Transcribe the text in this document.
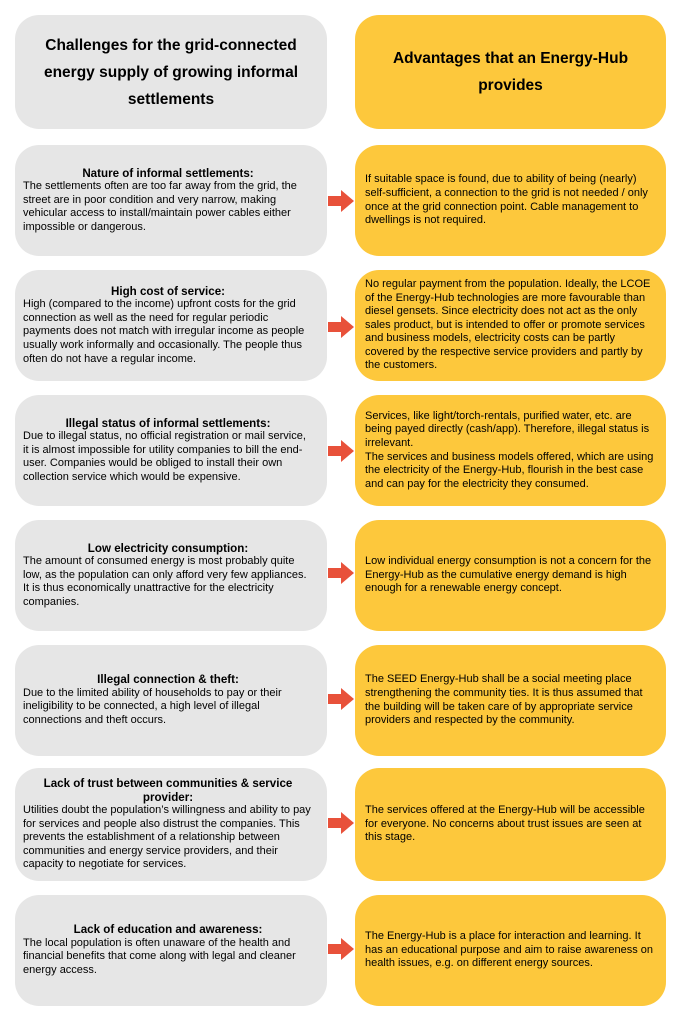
Challenges for the grid-connected energy supply of growing informal settlements
Advantages that an Energy-Hub provides
Nature of informal settlements:
The settlements often are too far away from the grid, the street are in poor condition and very narrow, making vehicular access to install/maintain power cables either impossible or dangerous.
If suitable space is found, due to ability of being (nearly) self-sufficient, a connection to the grid is not needed / only once at the grid connection point. Cable management to dwellings is not required.
High cost of service:
High (compared to the income) upfront costs for the grid connection as well as the need for regular periodic payments does not match with irregular income as people usually work informally and occasionally. The people thus often do not have a regular income.
No regular payment from the population. Ideally, the LCOE of the Energy-Hub technologies are more favourable than diesel gensets. Since electricity does not act as the only sales product, but is intended to offer or promote services and business models, electricity costs can be partly covered by the respective service providers and partly by the customers.
Illegal status of informal settlements:
Due to illegal status, no official registration or mail service, it is almost impossible for utility companies to bill the end-user. Companies would be obliged to install their own collection service which would be expensive.
Services, like light/torch-rentals, purified water, etc. are being payed directly (cash/app). Therefore, illegal status is irrelevant.
The services and business models offered, which are using the electricity of the Energy-Hub, flourish in the best case and can pay for the electricity they consumed.
Low electricity consumption:
The amount of consumed energy is most probably quite low, as the population can only afford very few appliances. It is thus economically unattractive for the electricity companies.
Low individual energy consumption is not a concern for the Energy-Hub as the cumulative energy demand is high enough for a renewable energy concept.
Illegal connection & theft:
Due to the limited ability of households to pay or their ineligibility to be connected, a high level of illegal connections and theft occurs.
The SEED Energy-Hub shall be a social meeting place strengthening the community ties. It is thus assumed that the building will be taken care of by appropriate service providers and respected by the community.
Lack of trust between communities & service provider:
Utilities doubt the population’s willingness and ability to pay for services and people also distrust the companies. This prevents the establishment of a relationship between communities and energy service providers, and their capacity to negotiate for services.
The services offered at the Energy-Hub will be accessible for everyone. No concerns about trust issues are seen at this stage.
Lack of education and awareness:
The local population is often unaware of the health and financial benefits that come along with legal and cleaner energy access.
The Energy-Hub is a place for interaction and learning. It has an educational purpose and aim to raise awareness on health issues, e.g. on different energy sources.
